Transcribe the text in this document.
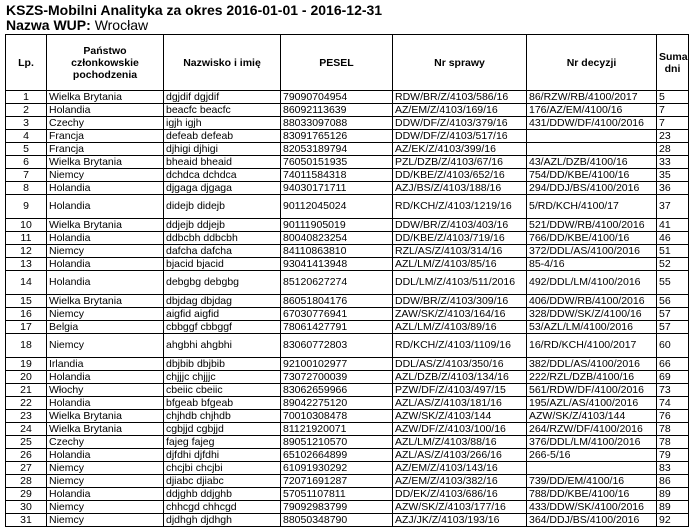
KSZS-Mobilni Analityka za okres 2016-01-01 - 2016-12-31
Nazwa WUP: Wrocław
Lp.	Państwo członkowskie pochodzenia	Nazwisko i imię	PESEL	Nr sprawy	Nr decyzji	Suma dni
1	Wielka Brytania	dgjdif dgjdif	79090704954	RDW/BR/Z/4103/586/16	86/RZW/RB/4100/2017	5
2	Holandia	beacfc beacfc	86092113639	AZ/EM/Z/4103/169/16	176/AZ/EM/4100/16	7
3	Czechy	igjh igjh	88033097088	DDW/DF/Z/4103/379/16	431/DDW/DF/4100/2016	7
4	Francja	defeab defeab	83091765126	DDW/DF/Z/4103/517/16		23
5	Francja	djhigi djhigi	82053189794	AZ/EK/Z/4103/399/16		28
6	Wielka Brytania	bheaid bheaid	76050151935	PZL/DZB/Z/4103/67/16	43/AZL/DZB/4100/16	33
7	Niemcy	dchdca dchdca	74011584318	DD/KBE/Z/4103/652/16	754/DD/KBE/4100/16	35
8	Holandia	djgaga djgaga	94030171711	AZJ/BS/Z/4103/188/16	294/DDJ/BS/4100/2016	36
9	Holandia	didejb didejb	90112045024	RD/KCH/Z/4103/1219/16	5/RD/KCH/4100/17	37
10	Wielka Brytania	ddjejb ddjejb	90111905019	DDW/BR/Z/4103/403/16	521/DDW/RB/4100/2016	41
11	Holandia	ddbcbh ddbcbh	80040823254	DD/KBE/Z/4103/719/16	766/DD/KBE/4100/16	46
12	Niemcy	dafcha dafcha	84110863810	RZL/AS/Z/4103/314/16	372/DDL/AS/4100/2016	51
13	Holandia	bjacid bjacid	93041413948	AZL/LM/Z/4103/85/16	85-4/16	52
14	Holandia	debgbg debgbg	85120627274	DDL/LM/Z/4103/511/2016	492/DDL/LM/4100/2016	55
15	Wielka Brytania	dbjdag dbjdag	86051804176	DDW/BR/Z/4103/309/16	406/DDW/RB/4100/2016	56
16	Niemcy	aigfid aigfid	67030776941	ZAW/SK/Z/4103/164/16	328/DDW/SK/Z/4100/16	57
17	Belgia	cbbggf cbbggf	78061427791	AZL/LM/Z/4103/89/16	53/AZL/LM/4100/2016	57
18	Niemcy	ahgbhi ahgbhi	83060772803	RD/KCH/Z/4103/1109/16	16/RD/KCH/4100/2017	60
19	Irlandia	dbjbib dbjbib	92100102977	DDL/AS/Z/4103/350/16	382/DDL/AS/4100/2016	66
20	Holandia	chjjjc chjjjc	73072700039	AZL/DZB/Z/4103/134/16	222/RZL/DZB/4100/16	69
21	Włochy	cbeiic cbeiic	83062659966	PZW/DF/Z/4103/497/15	561/RDW/DF/4100/2016	73
22	Holandia	bfgeab bfgeab	89042275120	AZL/AS/Z/4103/181/16	195/AZL/AS/4100/2016	74
23	Wielka Brytania	chjhdb chjhdb	70010308478	AZW/SK/Z/4103/144	AZW/SK/Z/4103/144	76
24	Wielka Brytania	cgbjjd cgbjjd	81121920071	AZW/DF/Z/4103/100/16	264/RZW/DF/4100/2016	78
25	Czechy	fajeg fajeg	89051210570	AZL/LM/Z/4103/88/16	376/DDL/LM/4100/2016	78
26	Holandia	djfdhi djfdhi	65102664899	AZL/AS/Z/4103/266/16	266-5/16	79
27	Niemcy	chcjbi chcjbi	61091930292	AZ/EM/Z/4103/143/16		83
28	Niemcy	djiabc djiabc	72071691287	AZ/EM/Z/4103/382/16	739/DD/EM/4100/16	86
29	Holandia	ddjghb ddjghb	57051107811	DD/EK/Z/4103/686/16	788/DD/KBE/4100/16	89
30	Niemcy	chhcgd chhcgd	79092983799	AZW/SK/Z/4103/177/16	433/DDW/SK/4100/2016	89
31	Niemcy	djdhgh djdhgh	88050348790	AZJ/JK/Z/4103/193/16	364/DDJ/BS/4100/2016	92
